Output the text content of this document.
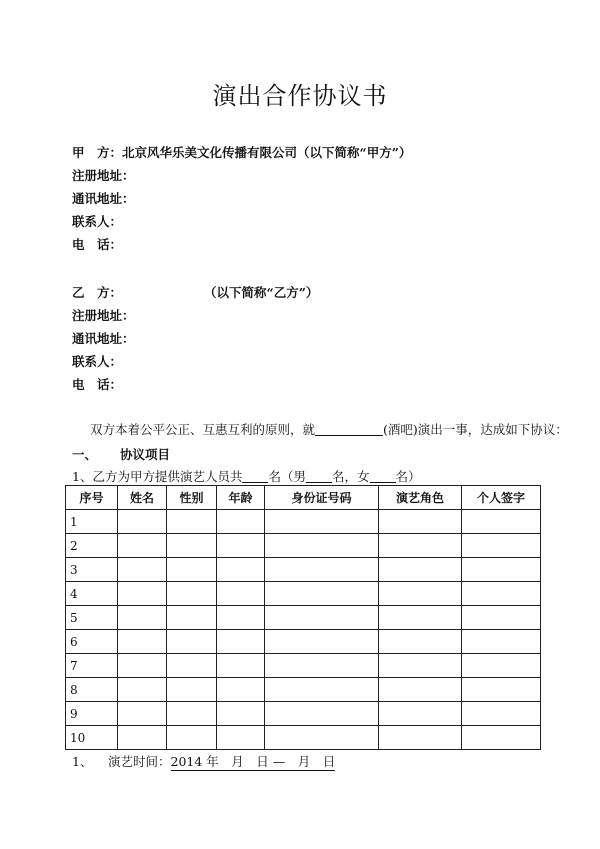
演出合作协议书
甲　方：北京风华乐美文化传播有限公司（以下简称“甲方”）
注册地址：
通讯地址：
联系人：
电　话：
乙　方：	（以下简称“乙方”）
注册地址：
通讯地址：
联系人：
电　话：
双方本着公平公正、互惠互利的原则，就	(酒吧)演出一事，达成如下协议：
一、 协议项目
1、乙方为甲方提供演艺人员共 名（男 名，女 名）
序号	姓名	性别	年龄	身份证号码	演艺角色	个人签字
1						
2						
3						
4						
5						
6						
7						
8						
9						
10						
1、 演艺时间：2014 年　月　日 —　月　日
